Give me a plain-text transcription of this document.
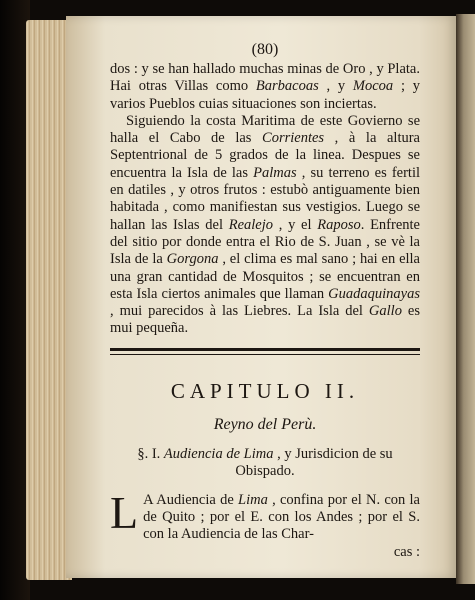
(80)

dos : y se han hallado muchas minas de Oro , y Plata. Hai otras Villas como Barbacoas , y Mocoa ; y varios Pueblos cuias situaciones son inciertas.

Siguiendo la costa Maritima de este Govierno se halla el Cabo de las Corrientes , à la altura Septentrional de 5 grados de la linea. Despues se encuentra la Isla de las Palmas , su terreno es fertil en datiles , y otros frutos : estubò antiguamente bien habitada , como manifiestan sus vestigios. Luego se hallan las Islas del Realejo , y el Raposo. Enfrente del sitio por donde entra el Rio de S. Juan , se vè la Isla de la Gorgona , el clima es mal sano ; hai en ella una gran cantidad de Mosquitos ; se encuentran en esta Isla ciertos animales que llaman Guadaquinayas , mui parecidos à las Liebres. La Isla del Gallo es mui pequeña.

CAPITULO II.
Reyno del Perù.
§. I. Audiencia de Lima , y Jurisdicion de su Obispado.

L A Audiencia de Lima , confina por el N. con la de Quito ; por el E. con los Andes ; por el S. con la Audiencia de las Char-

cas :
